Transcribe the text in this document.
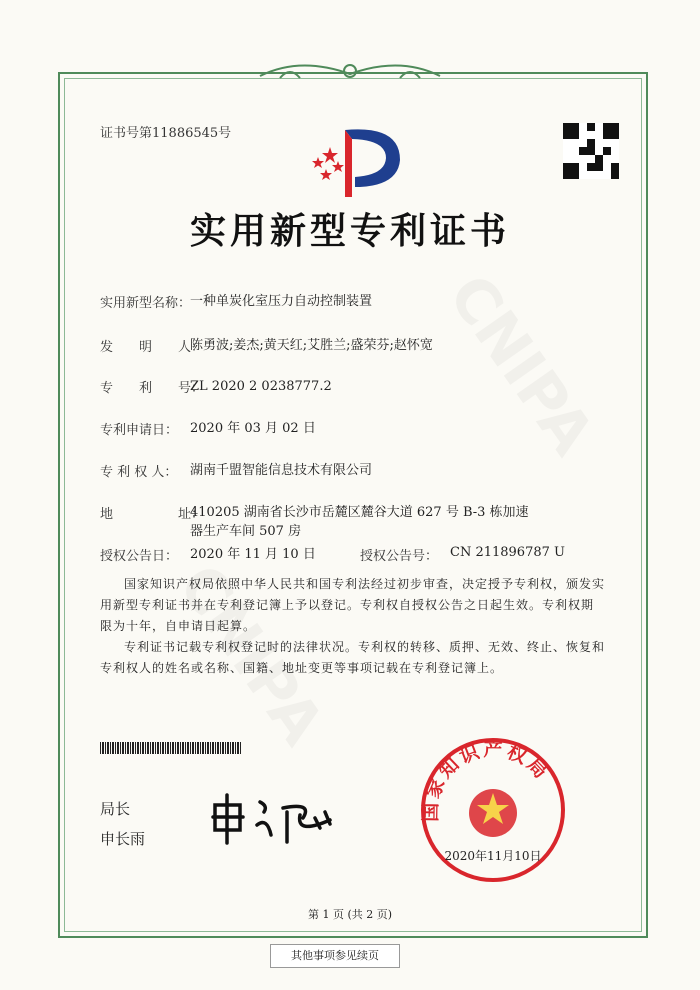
证书号第11886545号
实用新型专利证书
实用新型名称：
一种单炭化室压力自动控制装置
发　　明　　人：
陈勇波;姜杰;黄天红;艾胜兰;盛荣芬;赵怀宽
专　　利　　号：
ZL 2020 2 0238777.2
专利申请日： 2020 年 03 月 02 日
专 利 权 人： 湖南千盟智能信息技术有限公司
地　　　　　址：
410205 湖南省长沙市岳麓区麓谷大道 627 号 B-3 栋加速器生产车间 507 房
授权公告日： 2020 年 11 月 10 日	授权公告号： CN 211896787 U
国家知识产权局依照中华人民共和国专利法经过初步审查，决定授予专利权，颁发实用新型专利证书并在专利登记簿上予以登记。专利权自授权公告之日起生效。专利权期限为十年，自申请日起算。
专利证书记载专利权登记时的法律状况。专利权的转移、质押、无效、终止、恢复和专利权人的姓名或名称、国籍、地址变更等事项记载在专利登记簿上。
局长
申长雨
国家知识产权局
2020年11月10日
第 1 页 (共 2 页)
其他事项参见续页
